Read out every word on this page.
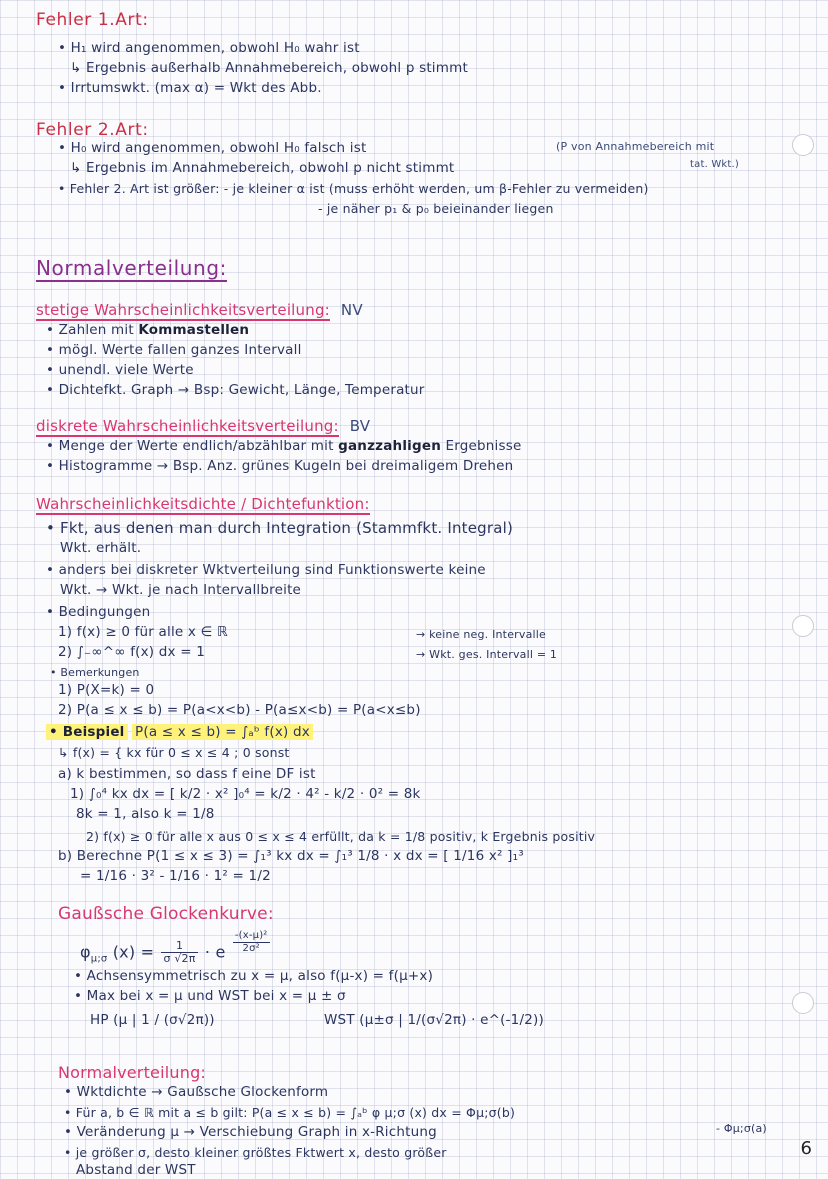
Fehler 1.Art:
• H₁ wird angenommen, obwohl H₀ wahr ist
↳ Ergebnis außerhalb Annahmebereich, obwohl p stimmt
• Irrtumswkt. (max α) = Wkt des Abb.
Fehler 2.Art:
• H₀ wird angenommen, obwohl H₀ falsch ist	(P von Annahmebereich mit
tat. Wkt.)
↳ Ergebnis im Annahmebereich, obwohl p nicht stimmt
• Fehler 2. Art ist größer: - je kleiner α ist (muss erhöht werden, um β-Fehler zu vermeiden)
- je näher p₁ & p₀ beieinander liegen
Normalverteilung:
stetige Wahrscheinlichkeitsverteilung: NV
• Zahlen mit Kommastellen
• mögl. Werte fallen ganzes Intervall
• unendl. viele Werte
• Dichtefkt. Graph → Bsp: Gewicht, Länge, Temperatur
diskrete Wahrscheinlichkeitsverteilung: BV
• Menge der Werte endlich/abzählbar mit ganzzahligen Ergebnisse
• Histogramme → Bsp. Anz. grünes Kugeln bei dreimaligem Drehen
Wahrscheinlichkeitsdichte / Dichtefunktion:
• Fkt, aus denen man durch Integration (Stammfkt. Integral)
Wkt. erhält.
• anders bei diskreter Wktverteilung sind Funktionswerte keine
Wkt. → Wkt. je nach Intervallbreite
• Bedingungen
1) f(x) ≥ 0 für alle x ∈ ℝ	→ keine neg. Intervalle
2) ∫₋∞^∞ f(x) dx = 1	→ Wkt. ges. Intervall = 1
• Bemerkungen
1) P(X=k) = 0
2) P(a ≤ x ≤ b) = P(a<x<b) - P(a≤x<b) = P(a<x≤b)
• Beispiel P(a ≤ x ≤ b) = ∫ₐᵇ f(x) dx
↳ f(x) = { kx für 0 ≤ x ≤ 4 ; 0 sonst
a) k bestimmen, so dass f eine DF ist
1) ∫₀⁴ kx dx = [ k/2 · x² ]₀⁴ = k/2 · 4² - k/2 · 0² = 8k
8k = 1, also k = 1/8
2) f(x) ≥ 0 für alle x aus 0 ≤ x ≤ 4 erfüllt, da k = 1/8 positiv, k Ergebnis positiv
b) Berechne P(1 ≤ x ≤ 3) = ∫₁³ kx dx = ∫₁³ 1/8 · x dx = [ 1/16 x² ]₁³
= 1/16 · 3² - 1/16 · 1² = 1/2
Gaußsche Glockenkurve:
$\varphi_{\mu;\sigma}$ $(x) = \frac{1}{\sigma √2\pi} \cdot e \frac{\text{-(x-μ)²}}{\text{2σ²}}$
• Achsensymmetrisch zu x = μ, also f(μ-x) = f(μ+x)
• Max bei x = μ und WST bei x = μ ± σ
HP (μ | 1 / (σ√2π))	WST (μ±σ | 1/(σ√2π) · e^(-1/2))
Normalverteilung:
• Wktdichte → Gaußsche Glockenform
• Für a, b ∈ ℝ mit a ≤ b gilt: P(a ≤ x ≤ b) = ∫ₐᵇ φ μ;σ (x) dx = Φμ;σ(b)
- Φμ;σ(a)
• Veränderung μ → Verschiebung Graph in x-Richtung
• je größer σ, desto kleiner größtes Fktwert x, desto größer
Abstand der WST
6
